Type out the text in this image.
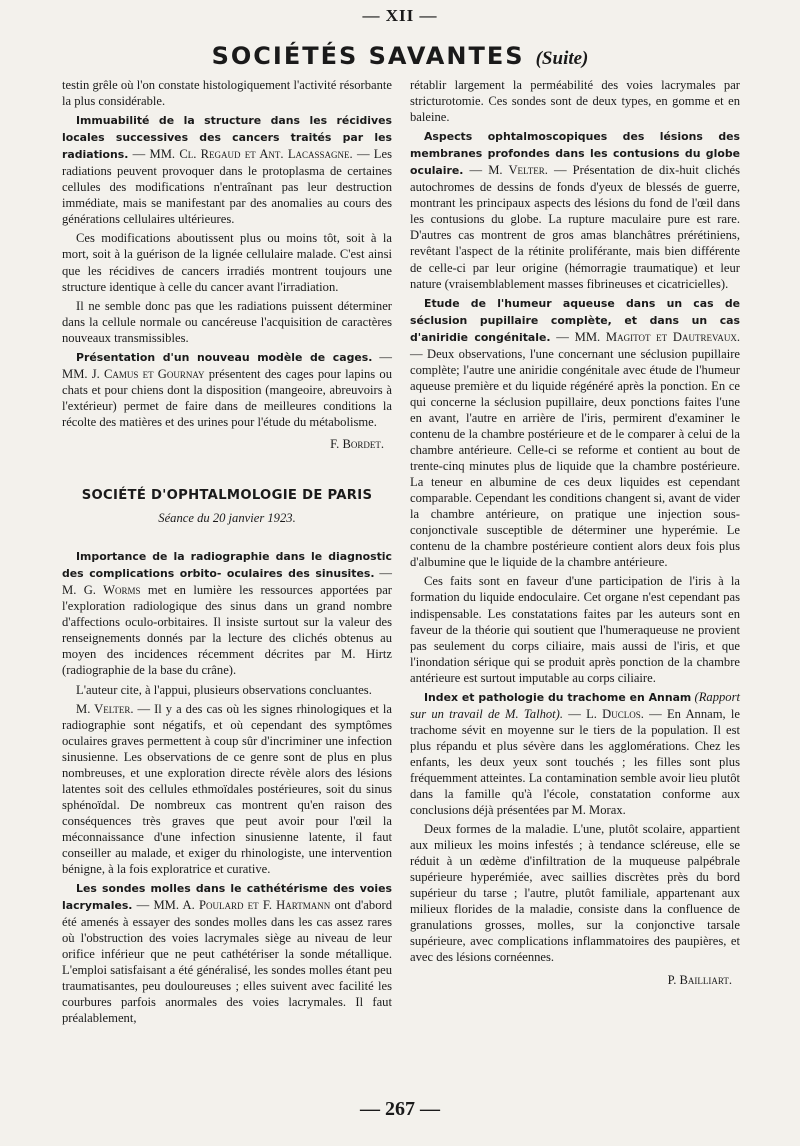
— XII —
SOCIÉTÉS SAVANTES (Suite)

testin grêle où l'on constate histologiquement l'activité résorbante la plus considérable.

Immuabilité de la structure dans les récidives locales successives des cancers traités par les radiations. — MM. Cl. Regaud et Ant. Lacassagne. — Les radiations peuvent provoquer dans le protoplasma de certaines cellules des modifications n'entraînant pas leur destruction immédiate, mais se manifestant par des anomalies au cours des générations cellulaires ultérieures.

Ces modifications aboutissent plus ou moins tôt, soit à la mort, soit à la guérison de la lignée cellulaire malade. C'est ainsi que les récidives de cancers irradiés montrent toujours une structure identique à celle du cancer avant l'irradiation.

Il ne semble donc pas que les radiations puissent déterminer dans la cellule normale ou cancéreuse l'acquisition de caractères nouveaux transmissibles.

Présentation d'un nouveau modèle de cages. — MM. J. Camus et Gournay présentent des cages pour lapins ou chats et pour chiens dont la disposition (mangeoire, abreuvoirs à l'extérieur) permet de faire dans de meilleures conditions la récolte des matières et des urines pour l'étude du métabolisme.

F. Bordet.
SOCIÉTÉ D'OPHTALMOLOGIE DE PARIS
Séance du 20 janvier 1923.

Importance de la radiographie dans le diagnostic des complications orbito- oculaires des sinusites. — M. G. Worms met en lumière les ressources apportées par l'exploration radiologique des sinus dans un grand nombre d'affections oculo-orbitaires. Il insiste surtout sur la valeur des renseignements donnés par la lecture des clichés obtenus au moyen des incidences récemment décrites par M. Hirtz (radiographie de la base du crâne).

L'auteur cite, à l'appui, plusieurs observations concluantes.

M. Velter. — Il y a des cas où les signes rhinologiques et la radiographie sont négatifs, et où cependant des symptômes oculaires graves permettent à coup sûr d'incriminer une infection sinusienne. Les observations de ce genre sont de plus en plus nombreuses, et une exploration directe révèle alors des lésions latentes soit des cellules ethmoïdales postérieures, soit du sinus sphénoïdal. De nombreux cas montrent qu'en raison des conséquences très graves que peut avoir pour l'œil la méconnaissance d'une infection sinusienne latente, il faut conseiller au malade, et exiger du rhinologiste, une intervention bénigne, à la fois exploratrice et curative.

Les sondes molles dans le cathétérisme des voies lacrymales. — MM. A. Poulard et F. Hartmann ont d'abord été amenés à essayer des sondes molles dans les cas assez rares où l'obstruction des voies lacrymales siège au niveau de leur orifice inférieur que ne peut cathétériser la sonde métallique. L'emploi satisfaisant a été généralisé, les sondes molles étant peu traumatisantes, peu douloureuses ; elles suivent avec facilité les courbures parfois anormales des voies lacrymales. Il faut préalablement,

rétablir largement la perméabilité des voies lacrymales par stricturotomie. Ces sondes sont de deux types, en gomme et en baleine.

Aspects ophtalmoscopiques des lésions des membranes profondes dans les contusions du globe oculaire. — M. Velter. — Présentation de dix-huit clichés autochromes de dessins de fonds d'yeux de blessés de guerre, montrant les principaux aspects des lésions du fond de l'œil dans les contusions du globe. La rupture maculaire pure est rare. D'autres cas montrent de gros amas blanchâtres prérétiniens, revêtant l'aspect de la rétinite proliférante, mais bien différente de celle-ci par leur origine (hémorragie traumatique) et leur nature (vraisemblablement masses fibrineuses et cicatricielles).

Etude de l'humeur aqueuse dans un cas de séclusion pupillaire complète, et dans un cas d'aniridie congénitale. — MM. Magitot et Dautrevaux. — Deux observations, l'une concernant une séclusion pupillaire complète; l'autre une aniridie congénitale avec étude de l'humeur aqueuse première et du liquide régénéré après la ponction. En ce qui concerne la séclusion pupillaire, deux ponctions faites l'une en avant, l'autre en arrière de l'iris, permirent d'examiner le contenu de la chambre postérieure et de le comparer à celui de la chambre antérieure. Celle-ci se reforme et contient au bout de trente-cinq minutes plus de liquide que la chambre postérieure. La teneur en albumine de ces deux liquides est cependant comparable. Cependant les conditions changent si, avant de vider la chambre antérieure, on pratique une injection sous-conjonctivale susceptible de déterminer une hyperémie. Le contenu de la chambre postérieure contient alors deux fois plus d'albumine que le liquide de la chambre antérieure.

Ces faits sont en faveur d'une participation de l'iris à la formation du liquide endoculaire. Cet organe n'est cependant pas indispensable. Les constatations faites par les auteurs sont en faveur de la théorie qui soutient que l'humeraqueuse ne provient pas seulement du corps ciliaire, mais aussi de l'iris, et que l'inondation sérique qui se produit après ponction de la chambre antérieure est surtout imputable au corps ciliaire.

Index et pathologie du trachome en Annam (Rapport sur un travail de M. Talhot). — L. Duclos. — En Annam, le trachome sévit en moyenne sur le tiers de la population. Il est plus répandu et plus sévère dans les agglomérations. Chez les enfants, les deux yeux sont touchés ; les filles sont plus fréquemment atteintes. La contamination semble avoir lieu plutôt dans la famille qu'à l'école, constatation conforme aux conclusions déjà présentées par M. Morax.

Deux formes de la maladie. L'une, plutôt scolaire, appartient aux milieux les moins infestés ; à tendance scléreuse, elle se réduit à un œdème d'infiltration de la muqueuse palpébrale supérieure hyperémiée, avec saillies discrètes près du bord supérieur du tarse ; l'autre, plutôt familiale, appartenant aux milieux florides de la maladie, consiste dans la confluence de granulations grosses, molles, sur la conjonctive tarsale supérieure, avec complications inflammatoires des paupières, et avec des lésions cornéennes.

P. Bailliart.
— 267 —
